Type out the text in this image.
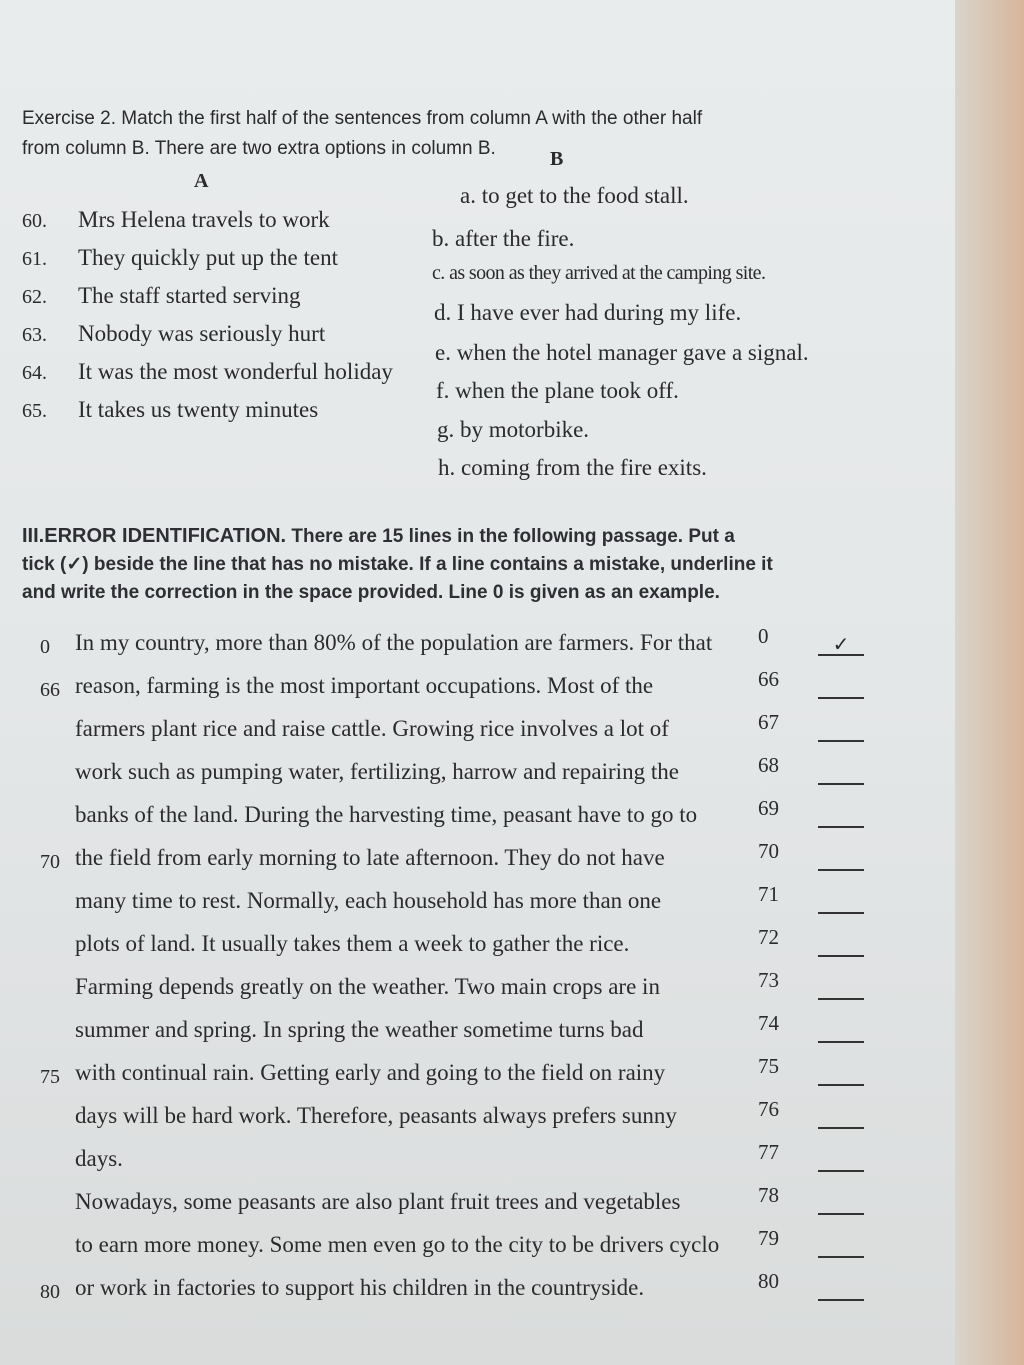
Exercise 2. Match the first half of the sentences from column A with the other half
from column B. There are two extra options in column B.
A
B
60. Mrs Helena travels to work
61. They quickly put up the tent
62. The staff started serving
63. Nobody was seriously hurt
64. It was the most wonderful holiday
65. It takes us twenty minutes
a. to get to the food stall.
b. after the fire.
c. as soon as they arrived at the camping site.
d. I have ever had during my life.
e. when the hotel manager gave a signal.
f. when the plane took off.
g. by motorbike.
h. coming from the fire exits.
III.ERROR IDENTIFICATION. There are 15 lines in the following passage. Put a
tick (✓) beside the line that has no mistake. If a line contains a mistake, underline it
and write the correction in the space provided. Line 0 is given as an example.
0	In my country, more than 80% of the population are farmers. For that 0	✓
66 reason, farming is the most important occupations. Most of the	66
farmers plant rice and raise cattle. Growing rice involves a lot of	67
work such as pumping water, fertilizing, harrow and repairing the	68
banks of the land. During the harvesting time, peasant have to go to	69
70 the field from early morning to late afternoon. They do not have	70
many time to rest. Normally, each household has more than one	71
plots of land. It usually takes them a week to gather the rice.	72
Farming depends greatly on the weather. Two main crops are in	73
summer and spring. In spring the weather sometime turns bad	74
75 with continual rain. Getting early and going to the field on rainy	75
days will be hard work. Therefore, peasants always prefers sunny	76
days.	77
Nowadays, some peasants are also plant fruit trees and vegetables	78
to earn more money. Some men even go to the city to be drivers cyclo 79
80 or work in factories to support his children in the countryside.	80
